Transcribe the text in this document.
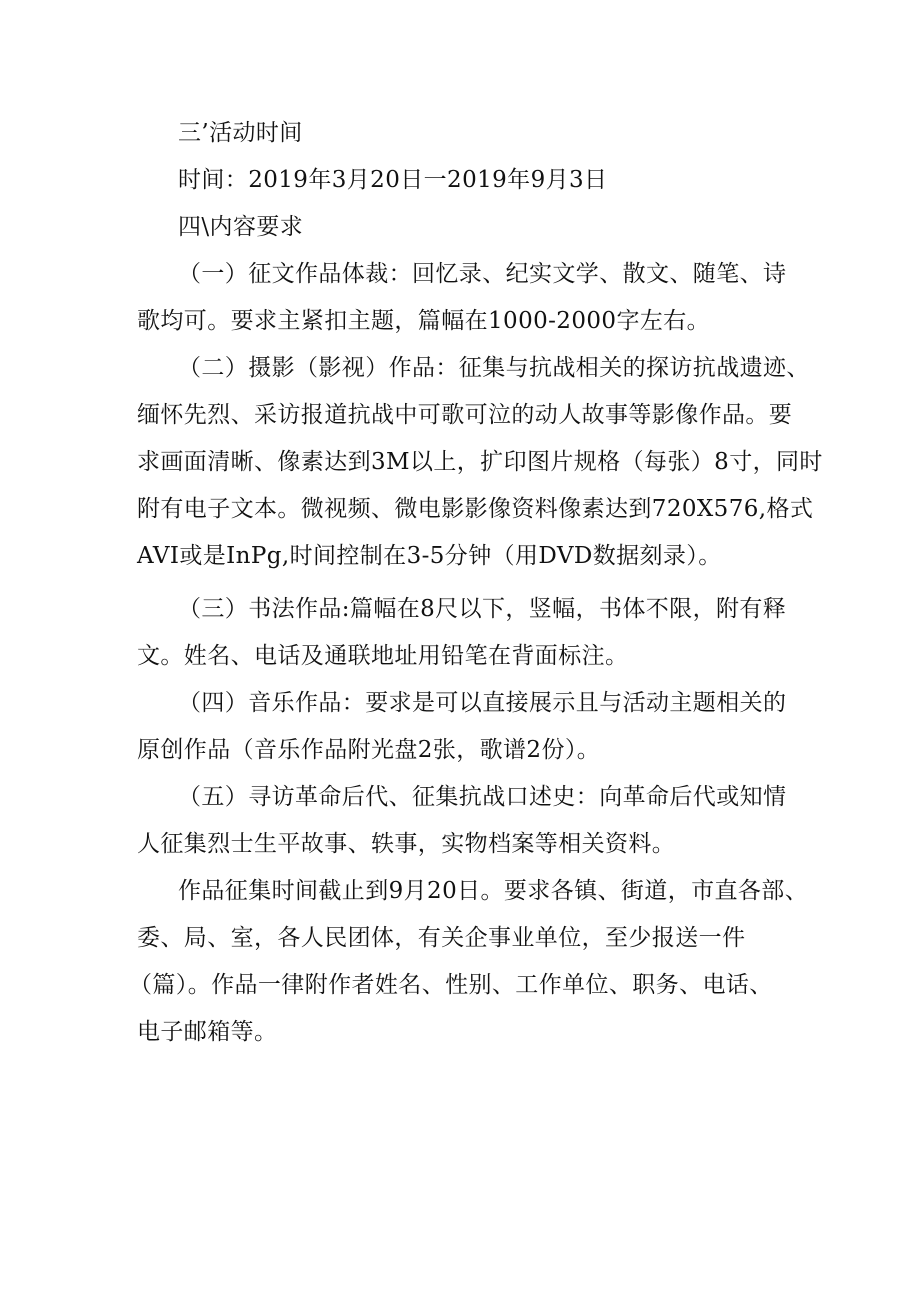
三’活动时间
时间：2019年3月20日一2019年9月3日
四\内容要求
（一）征文作品体裁：回忆录、纪实文学、散文、随笔、诗
歌均可。要求主紧扣主题，篇幅在1000-2000字左右。
（二）摄影（影视）作品：征集与抗战相关的探访抗战遗迹、
缅怀先烈、采访报道抗战中可歌可泣的动人故事等影像作品。要
求画面清晰、像素达到3M以上，扩印图片规格（每张）8寸，同时
附有电子文本。微视频、微电影影像资料像素达到720X576,格式
AVI或是InPg,时间控制在3-5分钟（用DVD数据刻录）。
（三）书法作品:篇幅在8尺以下，竖幅，书体不限，附有释
文。姓名、电话及通联地址用铅笔在背面标注。
（四）音乐作品：要求是可以直接展示且与活动主题相关的
原创作品（音乐作品附光盘2张，歌谱2份）。
（五）寻访革命后代、征集抗战口述史：向革命后代或知情
人征集烈士生平故事、轶事，实物档案等相关资料。
作品征集时间截止到9月20日。要求各镇、街道，市直各部、
委、局、室，各人民团体，有关企事业单位，至少报送一件
（篇）。作品一律附作者姓名、性别、工作单位、职务、电话、
电子邮箱等。
